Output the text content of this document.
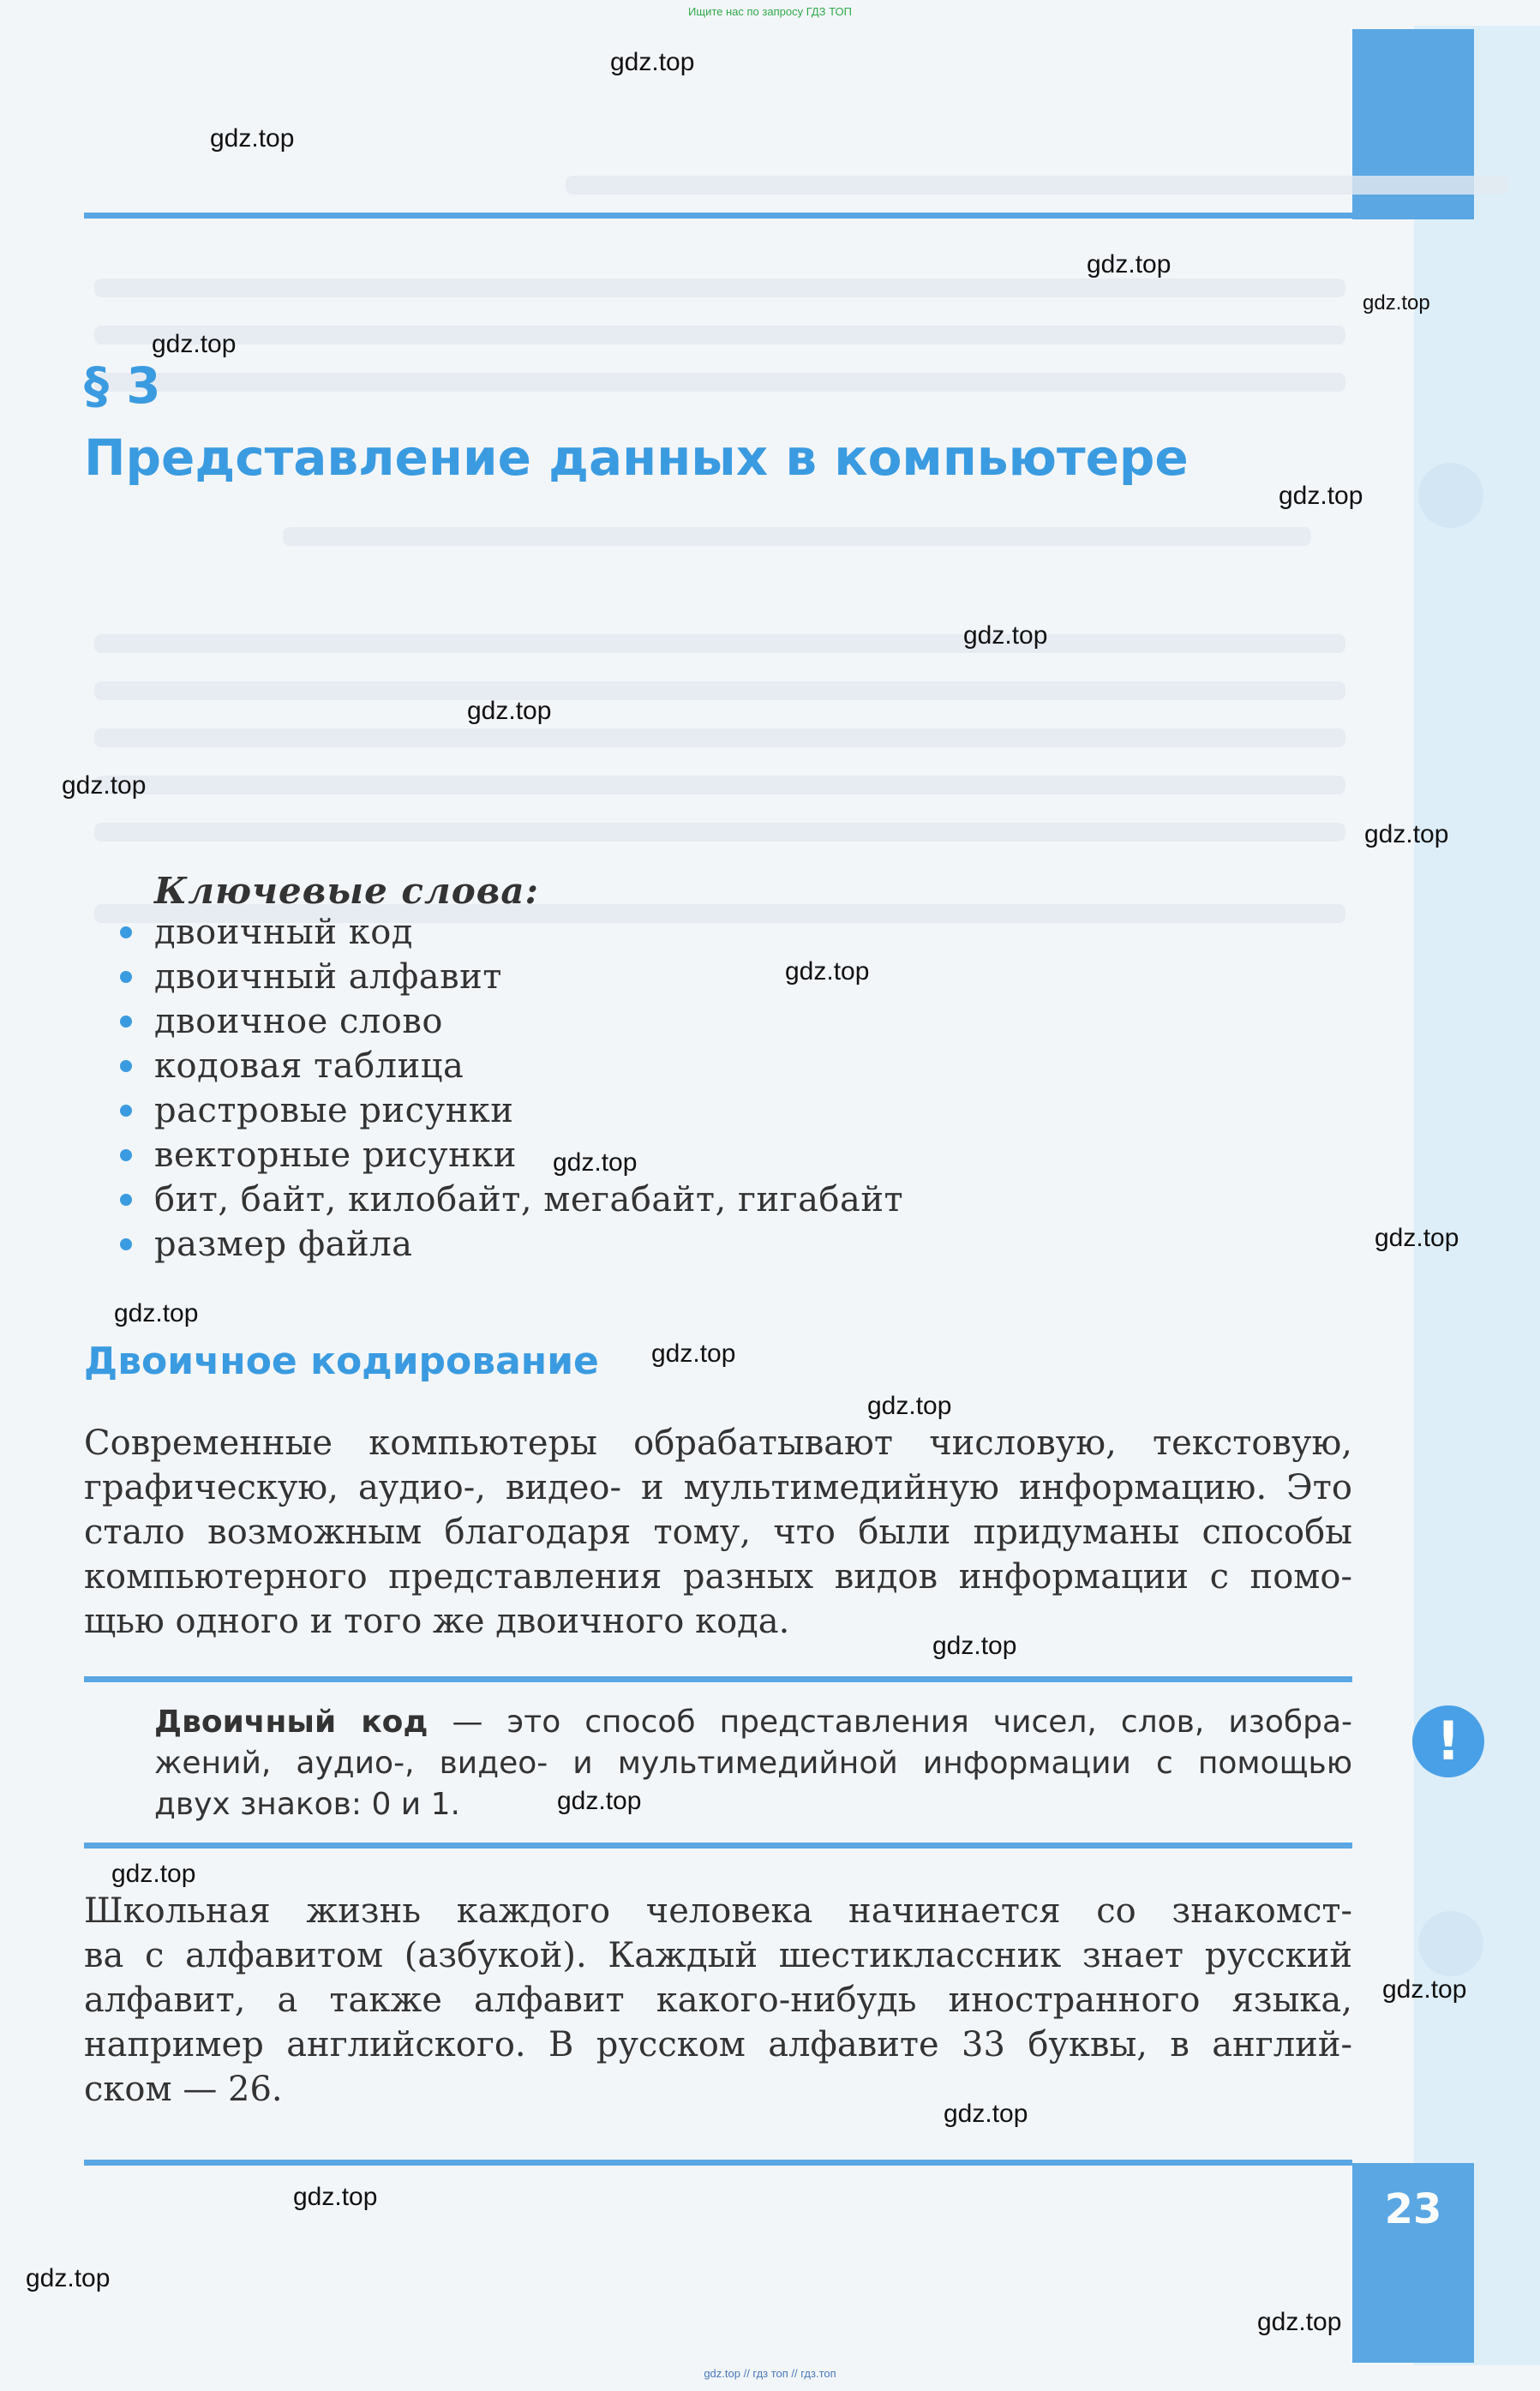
Ищите нас по запросу ГДЗ ТОП
23
§ 3
Представление данных в компьютере
Ключевые слова:
двоичный код
двоичный алфавит
двоичное слово
кодовая таблица
растровые рисунки
векторные рисунки
бит, байт, килобайт, мегабайт, гигабайт
размер файла
Двоичное кодирование

Современные компьютеры обрабатывают числовую, текстовую,
графическую, аудио-, видео- и мультимедийную информацию. Это
стало возможным благодаря тому, что были придуманы способы
компьютерного представления разных видов информации с помо-
щью одного и того же двоичного кода.

Двоичный код — это способ представления чисел, слов, изобра-
жений, аудио-, видео- и мультимедийной информации с помощью
двух знаков: 0 и 1.
!

Школьная жизнь каждого человека начинается со знакомст-
ва с алфавитом (азбукой). Каждый шестиклассник знает русский
алфавит, а также алфавит какого-нибудь иностранного языка,
например английского. В русском алфавите 33 буквы, в англий-
ском — 26.

gdz.top
gdz.top
gdz.top
gdz.top
gdz.top
gdz.top
gdz.top
gdz.top
gdz.top
gdz.top
gdz.top
gdz.top
gdz.top
gdz.top
gdz.top
gdz.top
gdz.top
gdz.top
gdz.top
gdz.top
gdz.top
gdz.top
gdz.top
gdz.top
gdz.top // гдз топ // гдз.топ
